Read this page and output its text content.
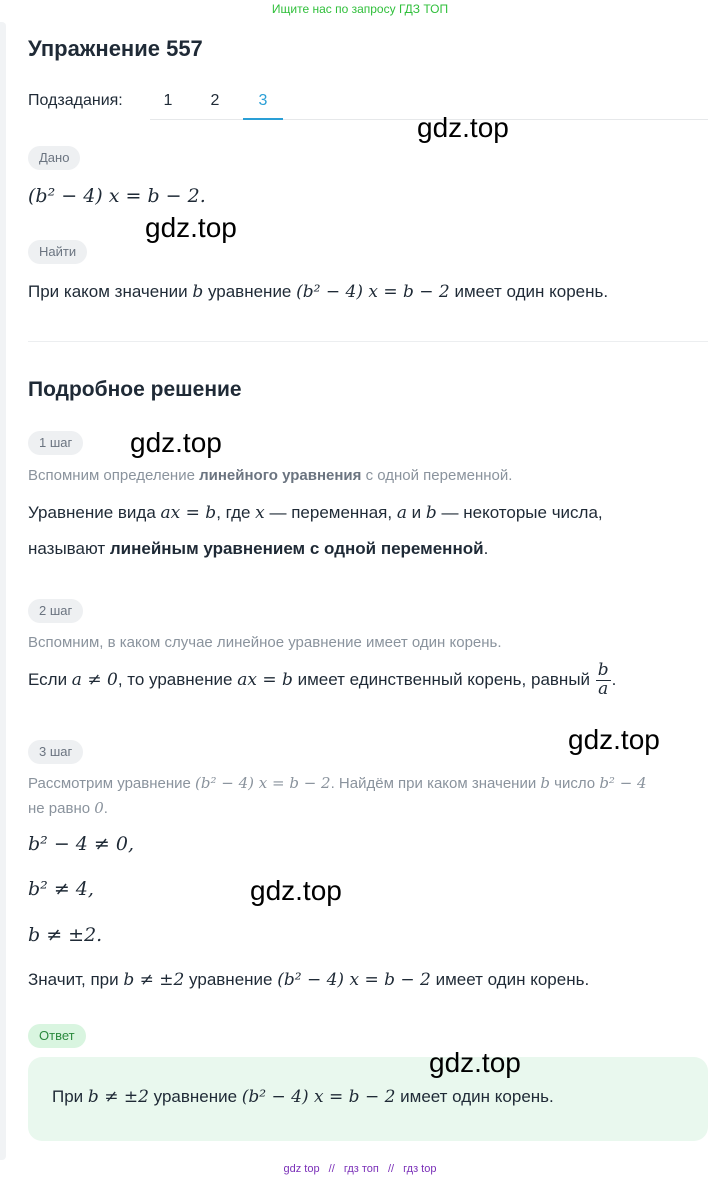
Ищите нас по запросу ГДЗ ТОП
Упражнение 557
Подзадания:	1	2	3
Дано
(b² − 4) x = b − 2.
Найти
При каком значении b уравнение (b² − 4) x = b − 2 имеет один корень.
Подробное решение
1 шаг
Вспомним определение линейного уравнения с одной переменной.
Уравнение вида ax = b, где x — переменная, a и b — некоторые числа,
называют линейным уравнением с одной переменной.
2 шаг
Вспомним, в каком случае линейное уравнение имеет один корень.
Если a ≠ 0, то уравнение ax = b имеет единственный корень, равный $\frac{b}{a}$ .
3 шаг
Рассмотрим уравнение (b² − 4) x = b − 2. Найдём при каком значении b число b² − 4
не равно 0.
b² − 4 ≠ 0,
b² ≠ 4,
b ≠ ±2.
Значит, при b ≠ ±2 уравнение (b² − 4) x = b − 2 имеет один корень.
Ответ
При b ≠ ±2 уравнение (b² − 4) x = b − 2 имеет один корень.
gdz.top
gdz.top
gdz.top
gdz.top
gdz.top
gdz.top
gdz top // гдз топ // гдз top
